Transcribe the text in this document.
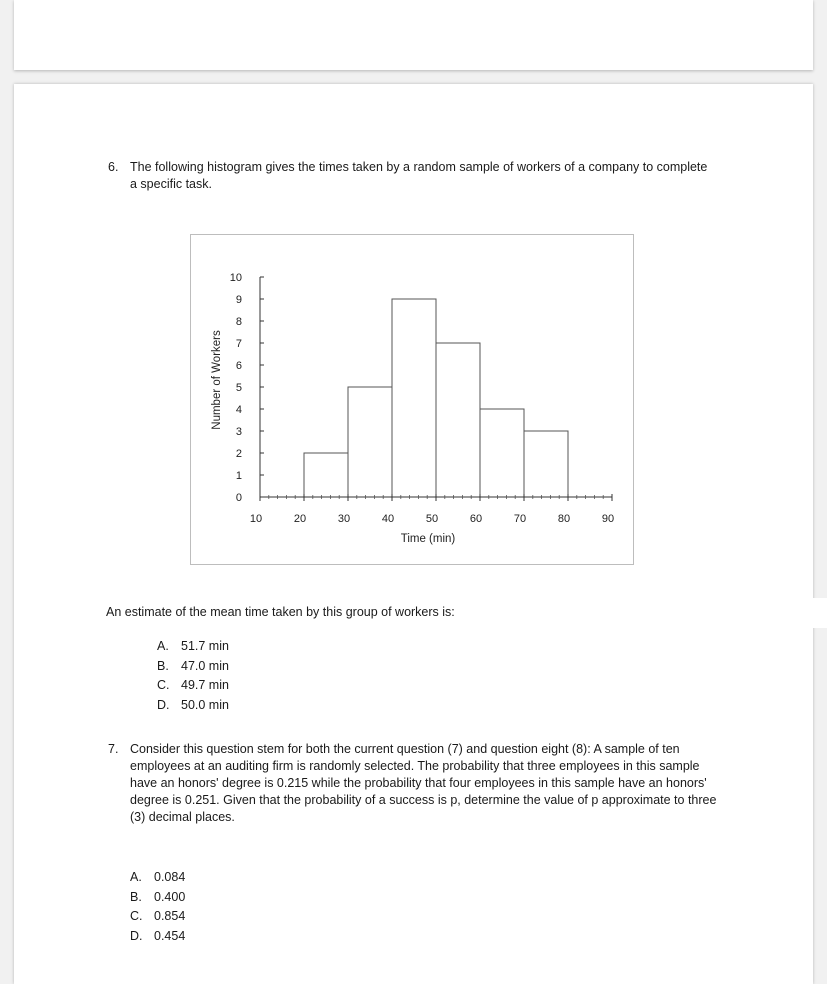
6. The following histogram gives the times taken by a random sample of workers of a company to complete a specific task.
0
1
2
3
4
5
6
7
8
9
10
10	20	30	40	50	60	70	80	90
Time (min)
Number of Workers
An estimate of the mean time taken by this group of workers is:
A. 51.7 min
B. 47.0 min
C. 49.7 min
D. 50.0 min
7. Consider this question stem for both the current question (7) and question eight (8): A sample of ten employees at an auditing firm is randomly selected. The probability that three employees in this sample have an honors' degree is 0.215 while the probability that four employees in this sample have an honors' degree is 0.251. Given that the probability of a success is p, determine the value of p approximate to three (3) decimal places.
A. 0.084
B. 0.400
C. 0.854
D. 0.454
